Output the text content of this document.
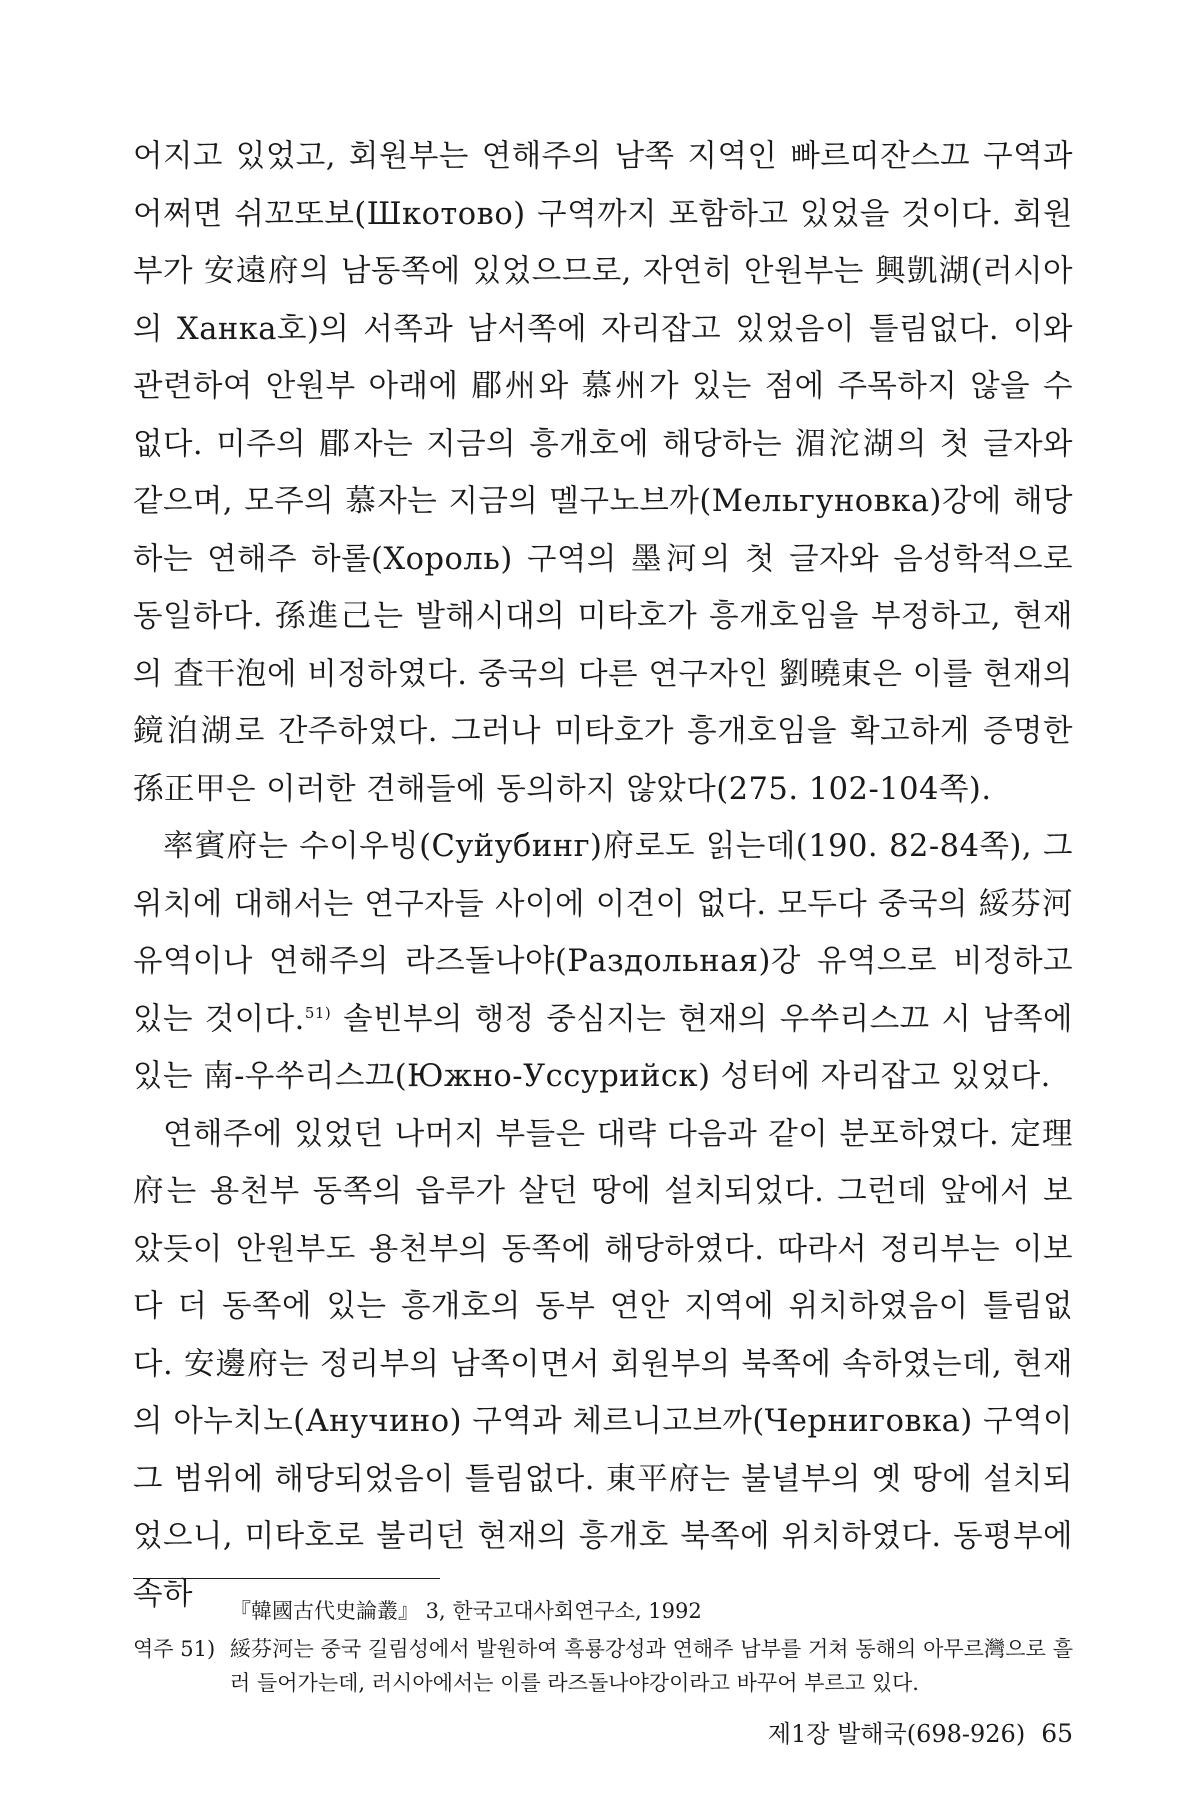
어지고 있었고, 회원부는 연해주의 남쪽 지역인 빠르띠잔스끄 구역과 어쩌면 쉬꼬또보(Шкотово) 구역까지 포함하고 있었을 것이다. 회원부가 安遠府의 남동쪽에 있었으므로, 자연히 안원부는 興凱湖(러시아의 Ханка호)의 서쪽과 남서쪽에 자리잡고 있었음이 틀림없다. 이와 관련하여 안원부 아래에 郿州와 慕州가 있는 점에 주목하지 않을 수 없다. 미주의 郿자는 지금의 흥개호에 해당하는 湄沱湖의 첫 글자와 같으며, 모주의 慕자는 지금의 멜구노브까(Мельгуновка)강에 해당하는 연해주 하롤(Хороль) 구역의 墨河의 첫 글자와 음성학적으로 동일하다. 孫進己는 발해시대의 미타호가 흥개호임을 부정하고, 현재의 査干泡에 비정하였다. 중국의 다른 연구자인 劉曉東은 이를 현재의 鏡泊湖로 간주하였다. 그러나 미타호가 흥개호임을 확고하게 증명한 孫正甲은 이러한 견해들에 동의하지 않았다(275. 102-104쪽).

率賓府는 수이우빙(Суйубинг)府로도 읽는데(190. 82-84쪽), 그 위치에 대해서는 연구자들 사이에 이견이 없다. 모두다 중국의 綏芬河 유역이나 연해주의 라즈돌나야(Раздольная)강 유역으로 비정하고 있는 것이다.$^{51)}$ 솔빈부의 행정 중심지는 현재의 우쑤리스끄 시 남쪽에 있는 南-우쑤리스끄(Южно-Уссурийск) 성터에 자리잡고 있었다.

연해주에 있었던 나머지 부들은 대략 다음과 같이 분포하였다. 定理府는 용천부 동쪽의 읍루가 살던 땅에 설치되었다. 그런데 앞에서 보았듯이 안원부도 용천부의 동쪽에 해당하였다. 따라서 정리부는 이보다 더 동쪽에 있는 흥개호의 동부 연안 지역에 위치하였음이 틀림없다. 安邊府는 정리부의 남쪽이면서 회원부의 북쪽에 속하였는데, 현재의 아누치노(Анучино) 구역과 체르니고브까(Черниговка) 구역이 그 범위에 해당되었음이 틀림없다. 東平府는 불녈부의 옛 땅에 설치되었으니, 미타호로 불리던 현재의 흥개호 북쪽에 위치하였다. 동평부에 속하	『韓國古代史論叢』 3, 한국고대사회연구소, 1992
역주 51) 綏芬河는 중국 길림성에서 발원하여 흑룡강성과 연해주 남부를 거쳐 동해의 아무르灣으로 흘러 들어가는데, 러시아에서는 이를 라즈돌나야강이라고 바꾸어 부르고 있다.
제1장 발해국(698-926) 65
